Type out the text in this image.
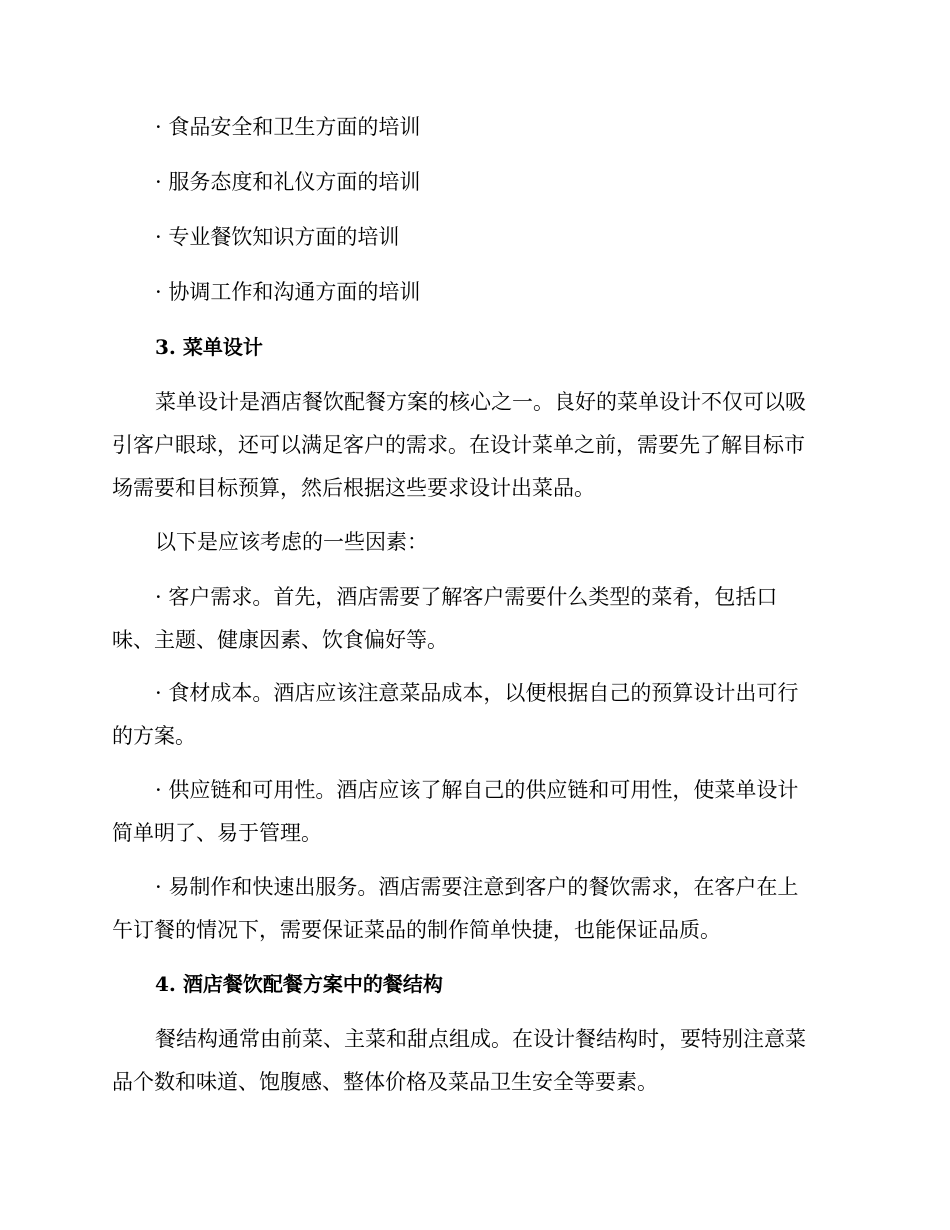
· 食品安全和卫生方面的培训
· 服务态度和礼仪方面的培训
· 专业餐饮知识方面的培训
· 协调工作和沟通方面的培训
3. 菜单设计
菜单设计是酒店餐饮配餐方案的核心之一。良好的菜单设计不仅可以吸
引客户眼球，还可以满足客户的需求。在设计菜单之前，需要先了解目标市
场需要和目标预算，然后根据这些要求设计出菜品。
以下是应该考虑的一些因素：
· 客户需求。首先，酒店需要了解客户需要什么类型的菜肴，包括口
味、主题、健康因素、饮食偏好等。
· 食材成本。酒店应该注意菜品成本，以便根据自己的预算设计出可行
的方案。
· 供应链和可用性。酒店应该了解自己的供应链和可用性，使菜单设计
简单明了、易于管理。
· 易制作和快速出服务。酒店需要注意到客户的餐饮需求，在客户在上
午订餐的情况下，需要保证菜品的制作简单快捷，也能保证品质。
4. 酒店餐饮配餐方案中的餐结构
餐结构通常由前菜、主菜和甜点组成。在设计餐结构时，要特别注意菜
品个数和味道、饱腹感、整体价格及菜品卫生安全等要素。
